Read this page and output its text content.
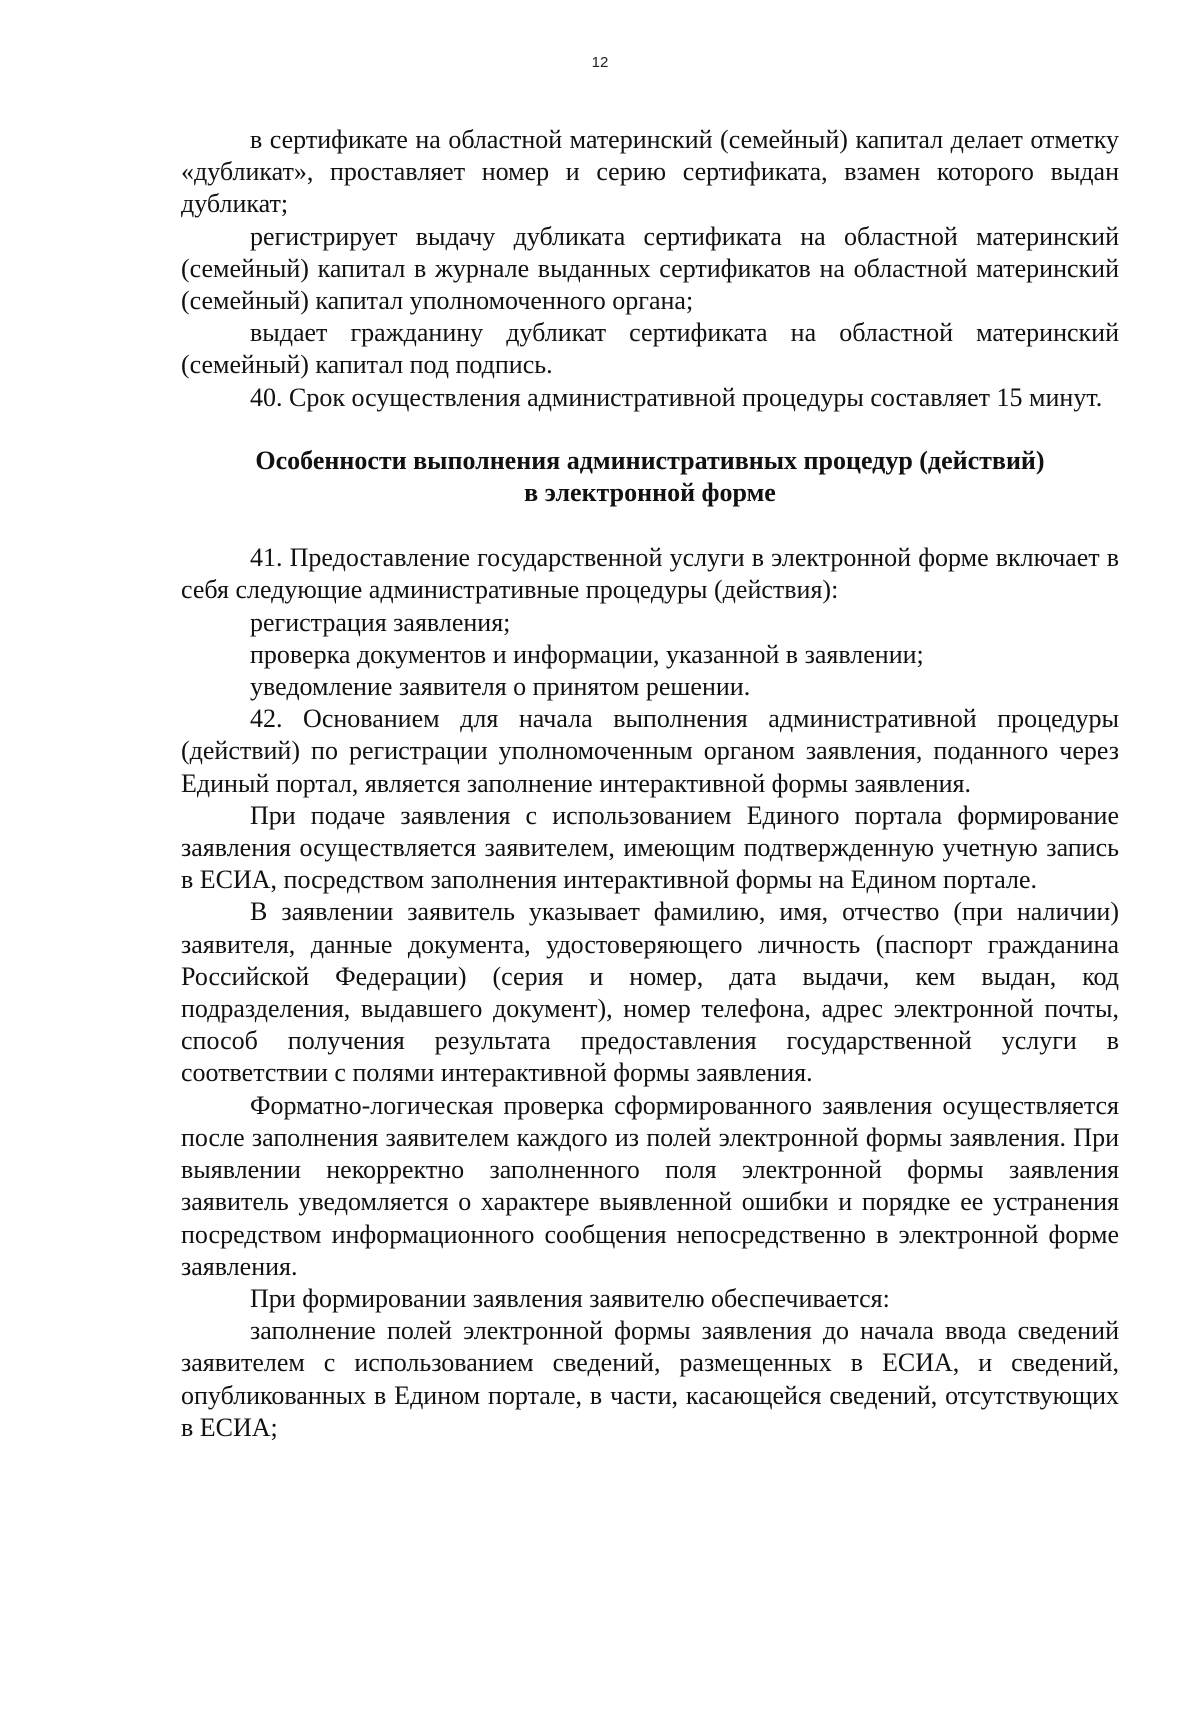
12

в сертификате на областной материнский (семейный) капитал делает отметку «дубликат», проставляет номер и серию сертификата, взамен которого выдан дубликат;

регистрирует выдачу дубликата сертификата на областной материнский (семейный) капитал в журнале выданных сертификатов на областной материнский (семейный) капитал уполномоченного органа;

выдает гражданину дубликат сертификата на областной материнский (семейный) капитал под подпись.

40. Срок осуществления административной процедуры составляет 15 минут.

Особенности выполнения административных процедур (действий)
в электронной форме

41. Предоставление государственной услуги в электронной форме включает в себя следующие административные процедуры (действия):

регистрация заявления;

проверка документов и информации, указанной в заявлении;

уведомление заявителя о принятом решении.

42. Основанием для начала выполнения административной процедуры (действий) по регистрации уполномоченным органом заявления, поданного через Единый портал, является заполнение интерактивной формы заявления.

При подаче заявления с использованием Единого портала формирование заявления осуществляется заявителем, имеющим подтвержденную учетную запись в ЕСИА, посредством заполнения интерактивной формы на Едином портале.

В заявлении заявитель указывает фамилию, имя, отчество (при наличии) заявителя, данные документа, удостоверяющего личность (паспорт гражданина Российской Федерации) (серия и номер, дата выдачи, кем выдан, код подразделения, выдавшего документ), номер телефона, адрес электронной почты, способ получения результата предоставления государственной услуги в соответствии с полями интерактивной формы заявления.

Форматно-логическая проверка сформированного заявления осуществляется после заполнения заявителем каждого из полей электронной формы заявления. При выявлении некорректно заполненного поля электронной формы заявления заявитель уведомляется о характере выявленной ошибки и порядке ее устранения посредством информационного сообщения непосредственно в электронной форме заявления.

При формировании заявления заявителю обеспечивается:

заполнение полей электронной формы заявления до начала ввода сведений заявителем с использованием сведений, размещенных в ЕСИА, и сведений, опубликованных в Едином портале, в части, касающейся сведений, отсутствующих в ЕСИА;
